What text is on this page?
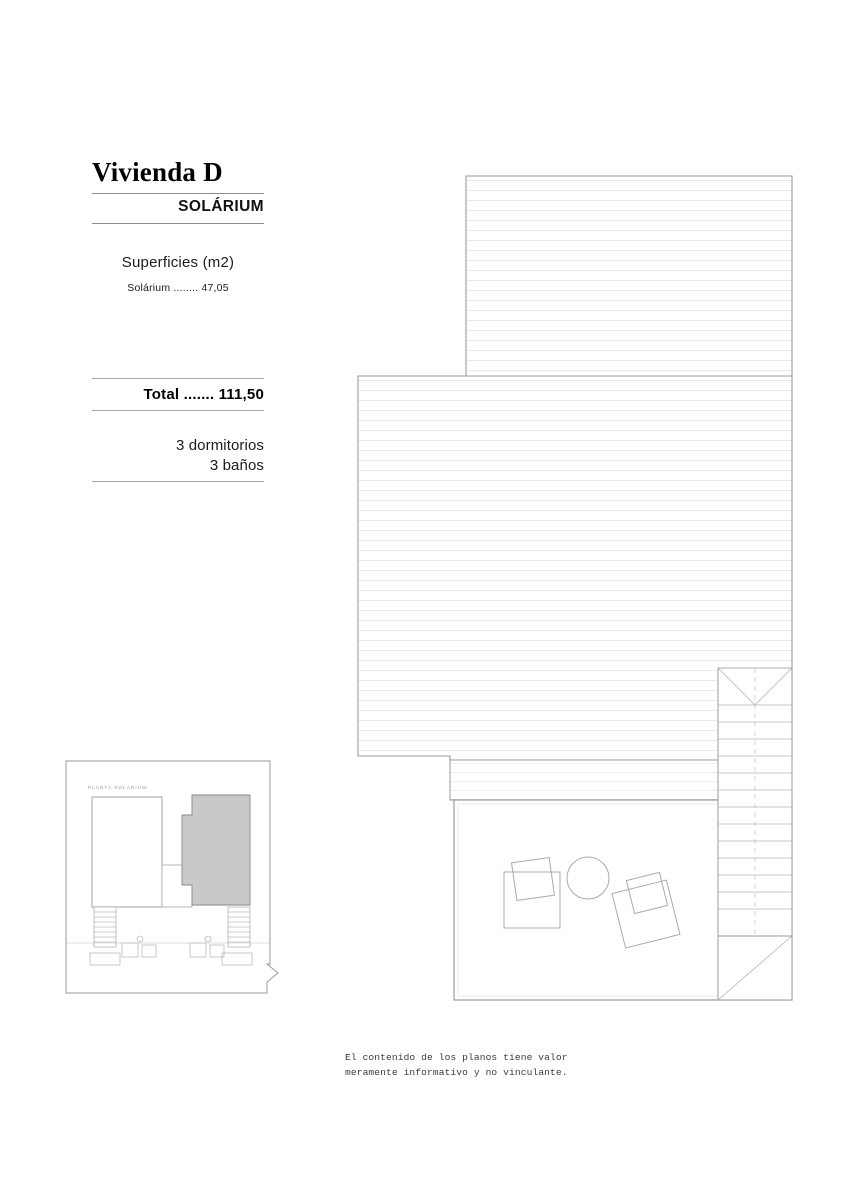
Vivienda D
SOLÁRIUM
Superficies (m2)
Solárium ........ 47,05
Total ....... 111,50
3 dormitorios
3 baños
PLANTA SOLÁRIUM
El contenido de los planos tiene valor
meramente informativo y no vinculante.
